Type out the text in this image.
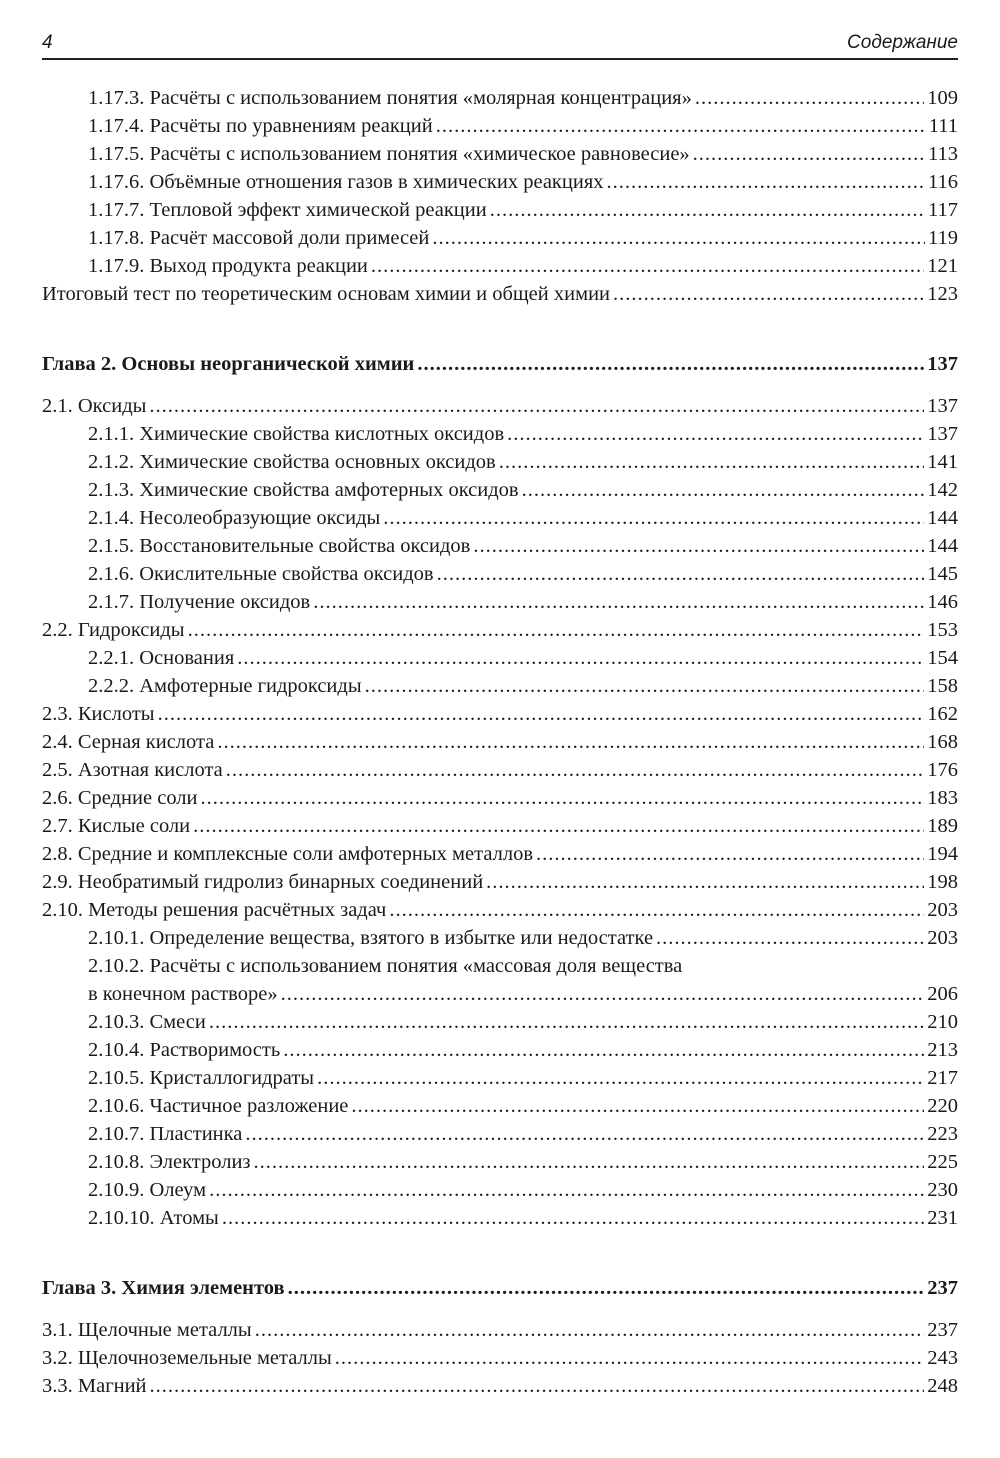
4	Содержание
1.17.3. Расчёты с использованием понятия «молярная концентрация» .....	109
1.17.4. Расчёты по уравнениям реакций .....	111
1.17.5. Расчёты с использованием понятия «химическое равновесие» .....	113
1.17.6. Объёмные отношения газов в химических реакциях .....	116
1.17.7. Тепловой эффект химической реакции .....	117
1.17.8. Расчёт массовой доли примесей .....	119
1.17.9. Выход продукта реакции .....	121
Итоговый тест по теоретическим основам химии и общей химии .....	123
Глава 2. Основы неорганической химии .....	137
2.1. Оксиды .....	137
2.1.1. Химические свойства кислотных оксидов .....	137
2.1.2. Химические свойства основных оксидов .....	141
2.1.3. Химические свойства амфотерных оксидов .....	142
2.1.4. Несолеобразующие оксиды .....	144
2.1.5. Восстановительные свойства оксидов .....	144
2.1.6. Окислительные свойства оксидов .....	145
2.1.7. Получение оксидов .....	146
2.2. Гидроксиды .....	153
2.2.1. Основания .....	154
2.2.2. Амфотерные гидроксиды .....	158
2.3. Кислоты .....	162
2.4. Серная кислота .....	168
2.5. Азотная кислота .....	176
2.6. Средние соли .....	183
2.7. Кислые соли .....	189
2.8. Средние и комплексные соли амфотерных металлов .....	194
2.9. Необратимый гидролиз бинарных соединений .....	198
2.10. Методы решения расчётных задач .....	203
2.10.1. Определение вещества, взятого в избытке или недостатке .....	203
2.10.2. Расчёты с использованием понятия «массовая доля вещества
в конечном растворе» .....	206
2.10.3. Смеси .....	210
2.10.4. Растворимость .....	213
2.10.5. Кристаллогидраты .....	217
2.10.6. Частичное разложение .....	220
2.10.7. Пластинка .....	223
2.10.8. Электролиз .....	225
2.10.9. Олеум .....	230
2.10.10. Атомы .....	231
Глава 3. Химия элементов .....	237
3.1. Щелочные металлы .....	237
3.2. Щелочноземельные металлы .....	243
3.3. Магний .....	248
